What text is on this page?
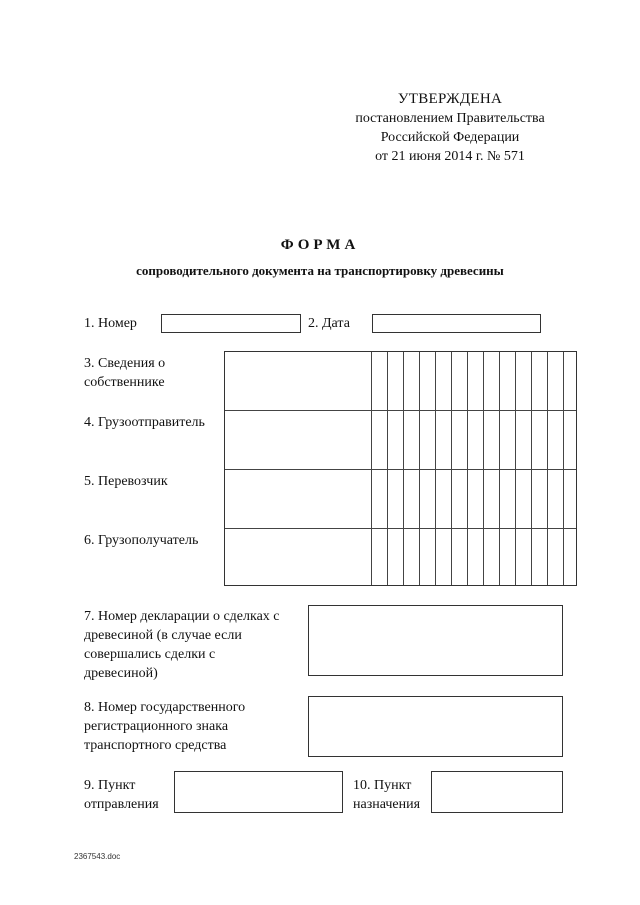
УТВЕРЖДЕНА
постановлением Правительства
Российской Федерации
от 21 июня 2014 г. № 571
ФОРМА
сопроводительного документа на транспортировку древесины
1. Номер	2. Дата
3. Сведения о
собственнике
4. Грузоотправитель
5. Перевозчик
6. Грузополучатель
7. Номер декларации о сделках с
древесиной (в случае если
совершались сделки с
древесиной)
8. Номер государственного
регистрационного знака
транспортного средства
9. Пункт
отправления
10. Пункт
назначения
2367543.doc
